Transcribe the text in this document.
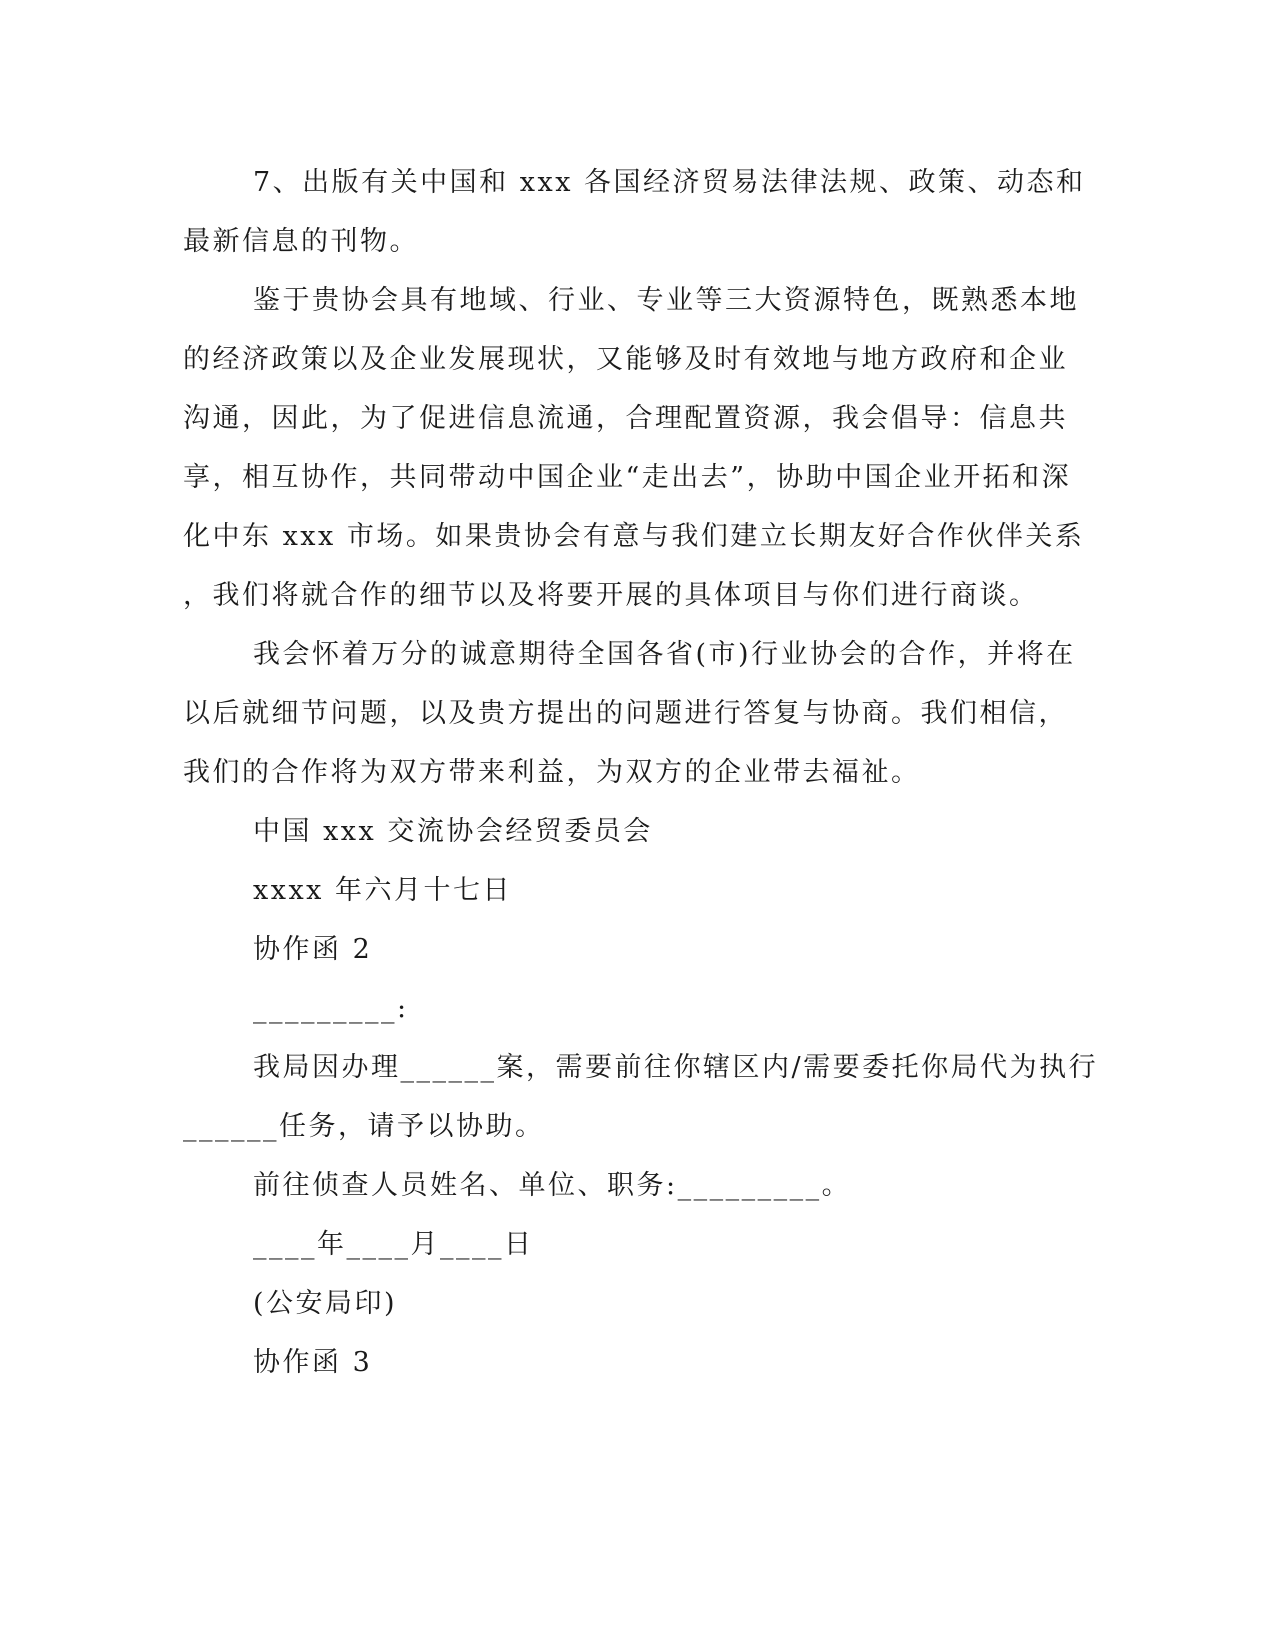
7、出版有关中国和 xxx 各国经济贸易法律法规、政策、动态和
最新信息的刊物。
鉴于贵协会具有地域、行业、专业等三大资源特色，既熟悉本地
的经济政策以及企业发展现状，又能够及时有效地与地方政府和企业
沟通，因此，为了促进信息流通，合理配置资源，我会倡导：信息共
享，相互协作，共同带动中国企业“走出去”，协助中国企业开拓和深
化中东 xxx 市场。如果贵协会有意与我们建立长期友好合作伙伴关系
，我们将就合作的细节以及将要开展的具体项目与你们进行商谈。
我会怀着万分的诚意期待全国各省(市)行业协会的合作，并将在
以后就细节问题，以及贵方提出的问题进行答复与协商。我们相信，
我们的合作将为双方带来利益，为双方的企业带去福祉。
中国 xxx 交流协会经贸委员会
xxxx 年六月十七日
协作函 2
_________:
我局因办理______案，需要前往你辖区内/需要委托你局代为执行
______任务，请予以协助。
前往侦查人员姓名、单位、职务:_________。
____年____月____日
(公安局印)
协作函 3
